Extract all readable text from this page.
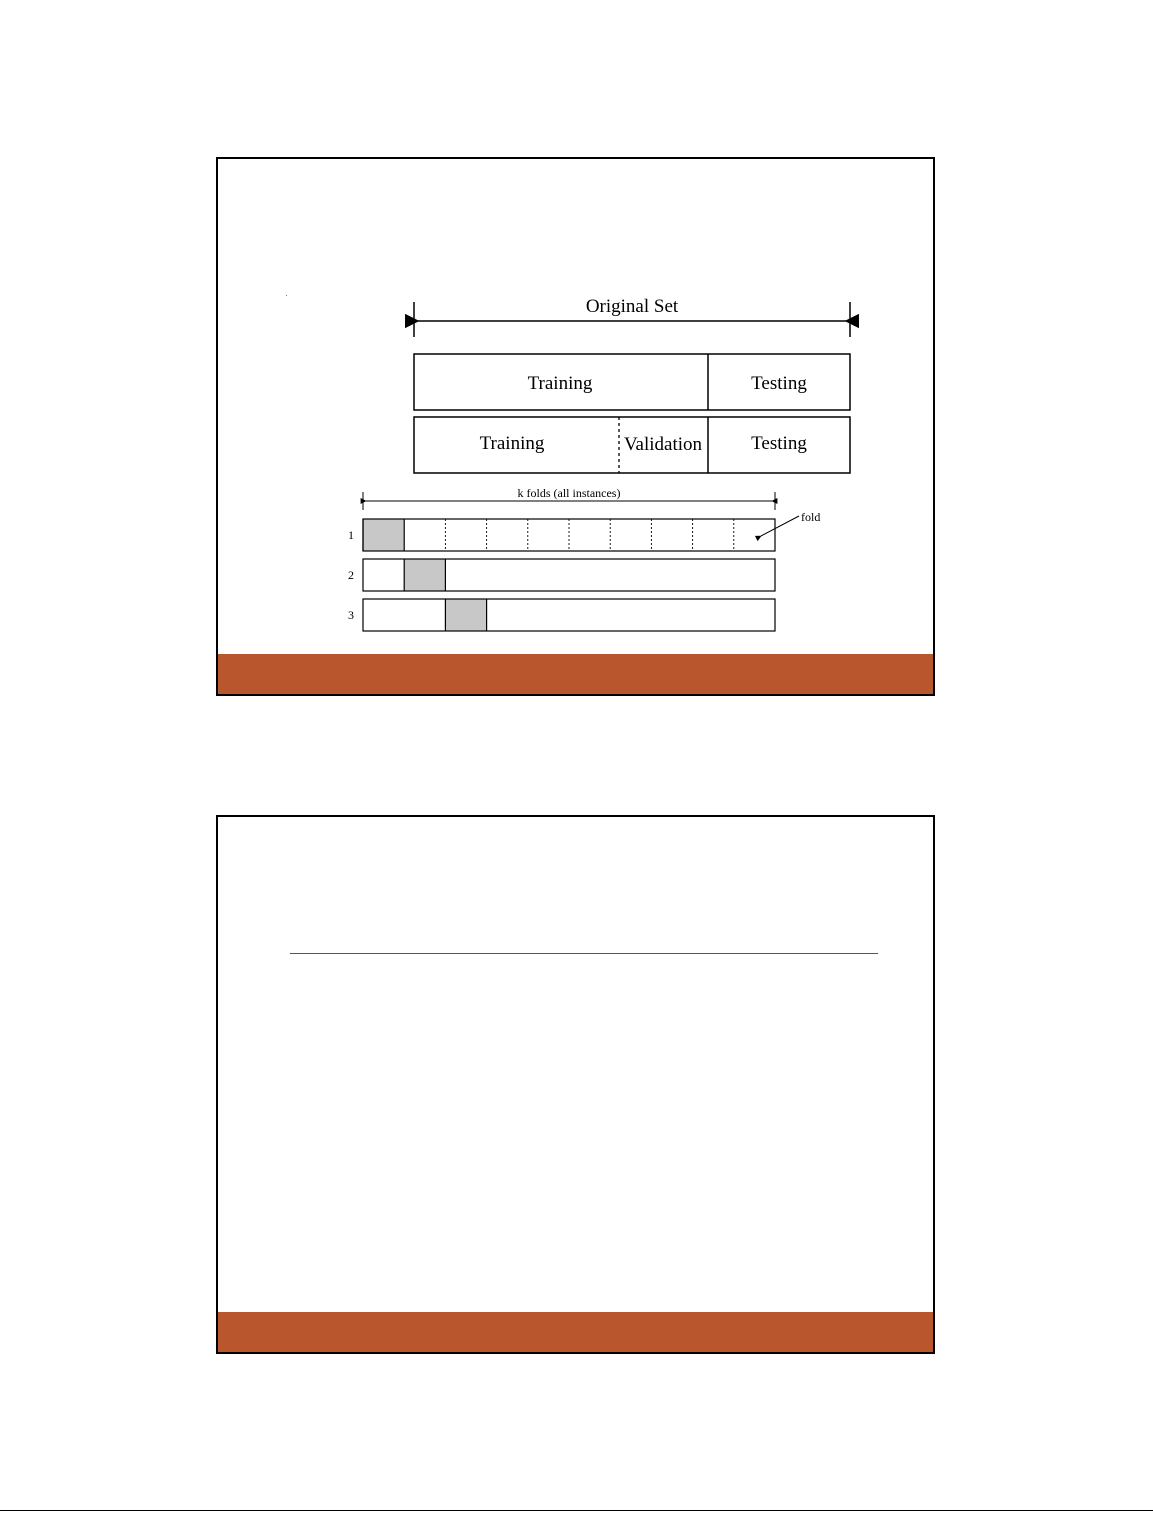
Original Set
Training	Testing
Training	Validation	Testing
k folds (all instances)
1
2
3
fold
